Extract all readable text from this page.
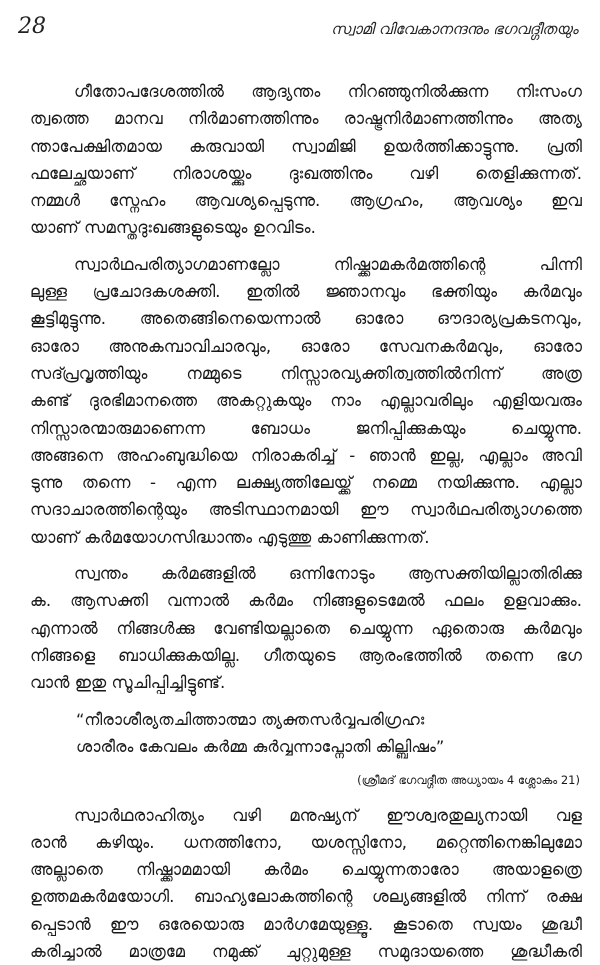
28	സ്വാമി വിവേകാനന്ദനും ഭഗവദ്ഗീതയും
ഗീതോപദേശത്തിൽ ആദ്യന്തം നിറഞ്ഞുനിൽക്കുന്ന നിഃസംഗ
ത്വത്തെ മാനവ നിർമാണത്തിന്നും രാഷ്ട്രനിർമാണത്തിന്നും അത്യ
ന്താപേക്ഷിതമായ കരുവായി സ്വാമിജി ഉയർത്തിക്കാട്ടുന്നു. പ്രതി
ഫലേച്ഛയാണ് നിരാശയ്ക്കും ദുഃഖത്തിനും വഴി തെളിക്കുന്നത്.
നമ്മൾ സ്നേഹം ആവശ്യപ്പെടുന്നു. ആഗ്രഹം, ആവശ്യം ഇവ
യാണ് സമസ്തദുഃഖങ്ങളുടെയും ഉറവിടം.
സ്വാർഥപരിത്യാഗമാണല്ലോ നിഷ്ക്കാമകർമത്തിന്റെ പിന്നി
ലുള്ള പ്രചോദകശക്തി. ഇതിൽ ജ്ഞാനവും ഭക്തിയും കർമവും
കൂട്ടിമുട്ടുന്നു. അതെങ്ങിനെയെന്നാൽ ഓരോ ഔദാര്യപ്രകടനവും,
ഓരോ അനുകമ്പാവിചാരവും, ഓരോ സേവനകർമവും, ഓരോ
സദ്പ്രവൃത്തിയും നമ്മുടെ നിസ്സാരവ്യക്തിത്വത്തിൽനിന്ന് അത്ര
കണ്ട് ദുരഭിമാനത്തെ അകറ്റുകയും നാം എല്ലാവരിലും എളിയവരും
നിസ്സാരന്മാരുമാണെന്ന ബോധം ജനിപ്പിക്കുകയും ചെയ്യുന്നു.
അങ്ങനെ അഹംബുദ്ധിയെ നിരാകരിച്ച് - ഞാൻ ഇല്ല, എല്ലാം അവി
ടുന്നു തന്നെ - എന്ന ലക്ഷ്യത്തിലേയ്ക്ക് നമ്മെ നയിക്കുന്നു. എല്ലാ
സദാചാരത്തിന്റെയും അടിസ്ഥാനമായി ഈ സ്വാർഥപരിത്യാഗത്തെ
യാണ് കർമയോഗസിദ്ധാന്തം എടുത്തു കാണിക്കുന്നത്.
സ്വന്തം കർമങ്ങളിൽ ഒന്നിനോടും ആസക്തിയില്ലാതിരിക്കു
ക. ആസക്തി വന്നാൽ കർമം നിങ്ങളുടെമേൽ ഫലം ഉളവാക്കും.
എന്നാൽ നിങ്ങൾക്കു വേണ്ടിയല്ലാതെ ചെയ്യുന്ന ഏതൊരു കർമവും
നിങ്ങളെ ബാധിക്കുകയില്ല. ഗീതയുടെ ആരംഭത്തിൽ തന്നെ ഭഗ
വാൻ ഇതു സൂചിപ്പിച്ചിട്ടുണ്ട്.
“നീരാശീര്യതചിത്താത്മാ ത്യക്തസർവ്വപരിഗ്രഹഃ
ശാരീരം കേവലം കർമ്മ കുർവ്വന്നാപ്നോതി കില്ബിഷം”
(ശ്രീമദ് ഭഗവദ്ഗീത അധ്യായം 4 ശ്ലോകം 21)
സ്വാർഥരാഹിത്യം വഴി മനുഷ്യന് ഈശ്വരതുല്യനായി വള
രാൻ കഴിയും. ധനത്തിനോ, യശസ്സിനോ, മറ്റെന്തിനെങ്കിലുമോ
അല്ലാതെ നിഷ്ക്കാമമായി കർമം ചെയ്യുന്നതാരോ അയാളത്രെ
ഉത്തമകർമയോഗി. ബാഹ്യലോകത്തിന്റെ ശല്യങ്ങളിൽ നിന്ന് രക്ഷ
പ്പെടാൻ ഈ ഒരേയൊരു മാർഗമേയുള്ളൂ. കൂടാതെ സ്വയം ശുദ്ധീ
കരിച്ചാൽ മാത്രമേ നമുക്ക് ചുറ്റുമുള്ള സമുദായത്തെ ശുദ്ധീകരി
